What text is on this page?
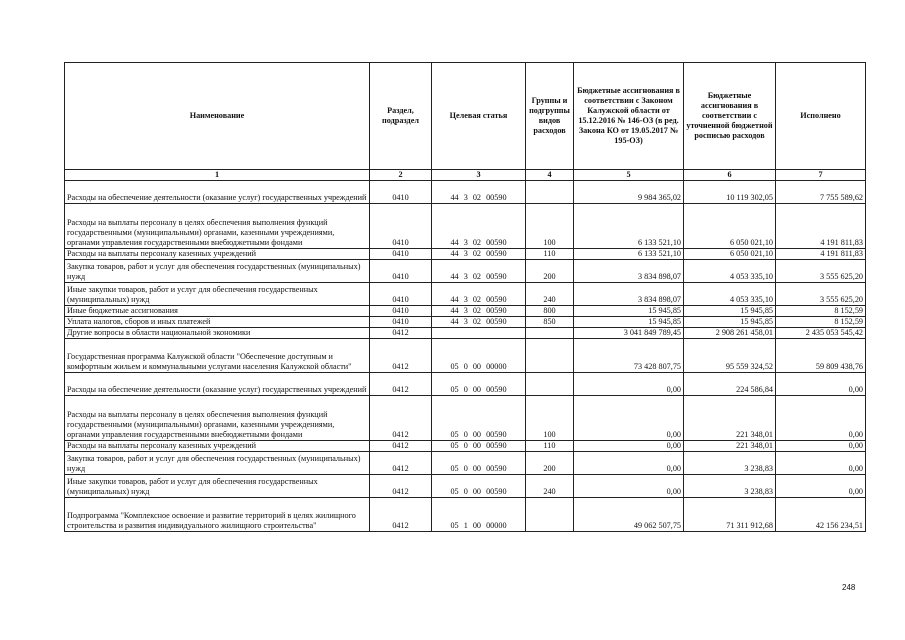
Наименование	Раздел, подраздел	Целевая статья	Группы и подгруппы видов расходов	Бюджетные ассигнования в соответствии с Законом Калужской области от 15.12.2016 № 146-ОЗ (в ред. Закона КО от 19.05.2017 № 195-ОЗ)	Бюджетные ассигнования в соответствии с уточненной бюджетной росписью расходов	Исполнено
1	2	3	4	5	6	7
Расходы на обеспечение деятельности (оказание услуг) государственных учреждений	0410	44 3 02 00590		9 984 365,02	10 119 302,05	7 755 589,62
Расходы на выплаты персоналу в целях обеспечения выполнения функций государственными (муниципальными) органами, казенными учреждениями, органами управления государственными внебюджетными фондами	0410	44 3 02 00590	100	6 133 521,10	6 050 021,10	4 191 811,83
Расходы на выплаты персоналу казенных учреждений	0410	44 3 02 00590	110	6 133 521,10	6 050 021,10	4 191 811,83
Закупка товаров, работ и услуг для обеспечения государственных (муниципальных) нужд	0410	44 3 02 00590	200	3 834 898,07	4 053 335,10	3 555 625,20
Иные закупки товаров, работ и услуг для обеспечения государственных (муниципальных) нужд	0410	44 3 02 00590	240	3 834 898,07	4 053 335,10	3 555 625,20
Иные бюджетные ассигнования	0410	44 3 02 00590	800	15 945,85	15 945,85	8 152,59
Уплата налогов, сборов и иных платежей	0410	44 3 02 00590	850	15 945,85	15 945,85	8 152,59
Другие вопросы в области национальной экономики	0412			3 041 849 789,45	2 908 261 458,01	2 435 053 545,42
Государственная программа Калужской области "Обеспечение доступным и комфортным жильем и коммунальными услугами населения Калужской области"	0412	05 0 00 00000		73 428 807,75	95 559 324,52	59 809 438,76
Расходы на обеспечение деятельности (оказание услуг) государственных учреждений	0412	05 0 00 00590		0,00	224 586,84	0,00
Расходы на выплаты персоналу в целях обеспечения выполнения функций государственными (муниципальными) органами, казенными учреждениями, органами управления государственными внебюджетными фондами	0412	05 0 00 00590	100	0,00	221 348,01	0,00
Расходы на выплаты персоналу казенных учреждений	0412	05 0 00 00590	110	0,00	221 348,01	0,00
Закупка товаров, работ и услуг для обеспечения государственных (муниципальных) нужд	0412	05 0 00 00590	200	0,00	3 238,83	0,00
Иные закупки товаров, работ и услуг для обеспечения государственных (муниципальных) нужд	0412	05 0 00 00590	240	0,00	3 238,83	0,00
Подпрограмма "Комплексное освоение и развитие территорий в целях жилищного строительства и развития индивидуального жилищного строительства"	0412	05 1 00 00000		49 062 507,75	71 311 912,68	42 156 234,51
248
